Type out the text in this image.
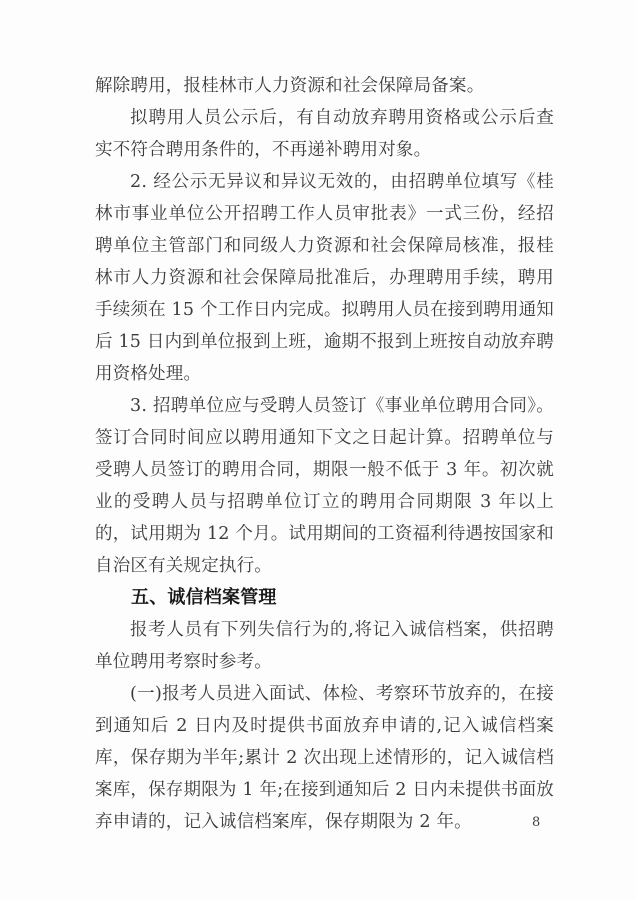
解除聘用，报桂林市人力资源和社会保障局备案。

拟聘用人员公示后，有自动放弃聘用资格或公示后查实不符合聘用条件的，不再递补聘用对象。

2. 经公示无异议和异议无效的，由招聘单位填写《桂林市事业单位公开招聘工作人员审批表》一式三份，经招聘单位主管部门和同级人力资源和社会保障局核准，报桂林市人力资源和社会保障局批准后，办理聘用手续，聘用手续须在 15 个工作日内完成。拟聘用人员在接到聘用通知后 15 日内到单位报到上班，逾期不报到上班按自动放弃聘用资格处理。

3. 招聘单位应与受聘人员签订《事业单位聘用合同》。签订合同时间应以聘用通知下文之日起计算。招聘单位与受聘人员签订的聘用合同，期限一般不低于 3 年。初次就业的受聘人员与招聘单位订立的聘用合同期限 3 年以上的，试用期为 12 个月。试用期间的工资福利待遇按国家和自治区有关规定执行。

五、诚信档案管理

报考人员有下列失信行为的,将记入诚信档案，供招聘单位聘用考察时参考。

(一)报考人员进入面试、体检、考察环节放弃的，在接到通知后 2 日内及时提供书面放弃申请的,记入诚信档案库，保存期为半年;累计 2 次出现上述情形的，记入诚信档案库，保存期限为 1 年;在接到通知后 2 日内未提供书面放弃申请的，记入诚信档案库，保存期限为 2 年。	8
